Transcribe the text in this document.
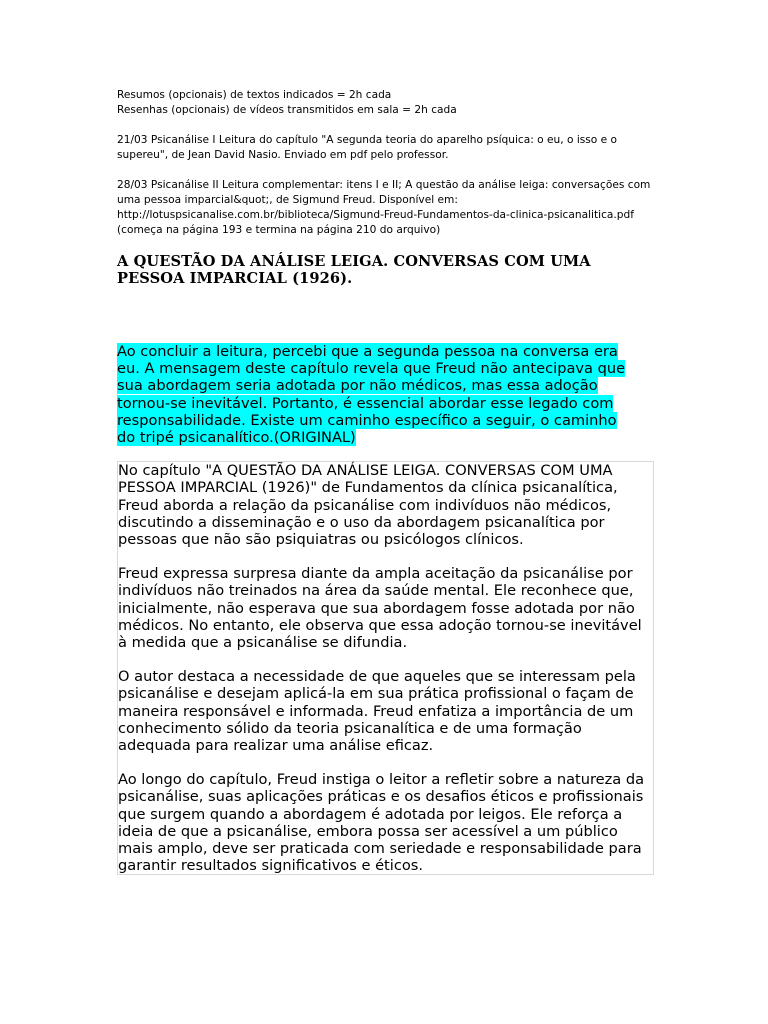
Resumos (opcionais) de textos indicados = 2h cada

Resenhas (opcionais) de vídeos transmitidos em sala = 2h cada

21/03 Psicanálise I Leitura do capítulo "A segunda teoria do aparelho psíquica: o eu, o isso e o supereu", de Jean David Nasio. Enviado em pdf pelo professor.

28/03 Psicanálise II Leitura complementar: itens I e II; A questão da análise leiga: conversações com uma pessoa imparcial&quot;, de Sigmund Freud. Disponível em: http://lotuspsicanalise.com.br/biblioteca/Sigmund-Freud-Fundamentos-da-clinica-psicanalitica.pdf (começa na página 193 e termina na página 210 do arquivo)

A QUESTÃO DA ANÁLISE LEIGA. CONVERSAS COM UMA PESSOA IMPARCIAL (1926).
Ao concluir a leitura, percebi que a segunda pessoa na conversa era eu. A mensagem deste capítulo revela que Freud não antecipava que sua abordagem seria adotada por não médicos, mas essa adoção tornou-se inevitável. Portanto, é essencial abordar esse legado com responsabilidade. Existe um caminho específico a seguir, o caminho do tripé psicanalítico.(ORIGINAL)

No capítulo "A QUESTÃO DA ANÁLISE LEIGA. CONVERSAS COM UMA PESSOA IMPARCIAL (1926)" de Fundamentos da clínica psicanalítica, Freud aborda a relação da psicanálise com indivíduos não médicos, discutindo a disseminação e o uso da abordagem psicanalítica por pessoas que não são psiquiatras ou psicólogos clínicos.

Freud expressa surpresa diante da ampla aceitação da psicanálise por indivíduos não treinados na área da saúde mental. Ele reconhece que, inicialmente, não esperava que sua abordagem fosse adotada por não médicos. No entanto, ele observa que essa adoção tornou-se inevitável à medida que a psicanálise se difundia.

O autor destaca a necessidade de que aqueles que se interessam pela psicanálise e desejam aplicá-la em sua prática profissional o façam de maneira responsável e informada. Freud enfatiza a importância de um conhecimento sólido da teoria psicanalítica e de uma formação adequada para realizar uma análise eficaz.

Ao longo do capítulo, Freud instiga o leitor a refletir sobre a natureza da psicanálise, suas aplicações práticas e os desafios éticos e profissionais que surgem quando a abordagem é adotada por leigos. Ele reforça a ideia de que a psicanálise, embora possa ser acessível a um público mais amplo, deve ser praticada com seriedade e responsabilidade para garantir resultados significativos e éticos.
